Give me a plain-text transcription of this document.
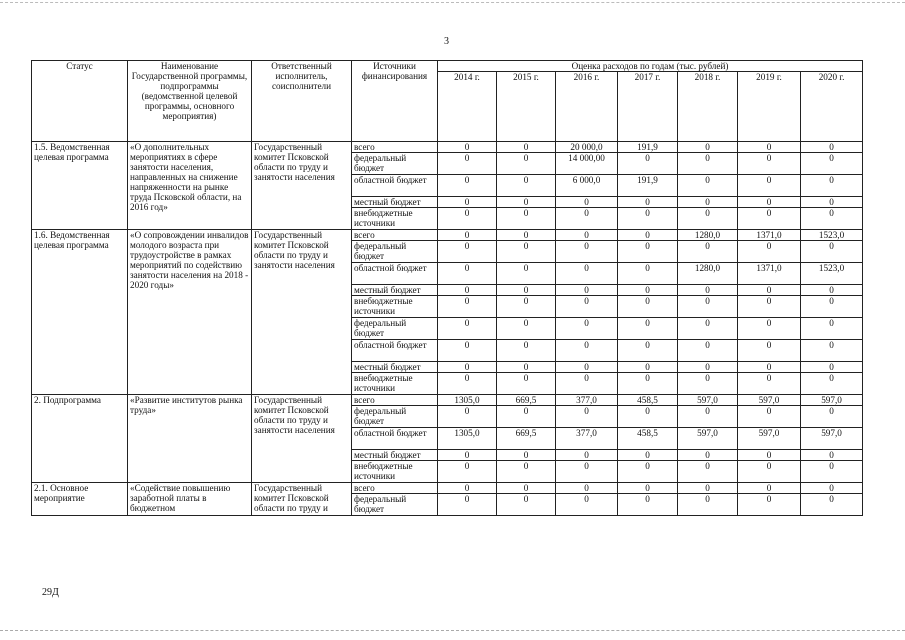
3
Статус	Наименование Государственной программы, подпрограммы (ведомственной целевой программы, основного мероприятия)	Ответственный исполнитель, соисполнители	Источники финансирования	Оценка расходов по годам (тыс. рублей)						
				2014 г.	2015 г.	2016 г.	2017 г.	2018 г.	2019 г.	2020 г.
1.5. Ведомственная целевая программа	«О дополнительных мероприятиях в сфере занятости населения, направленных на снижение напряженности на рынке труда Псковской области, на 2016 год»	Государственный комитет Псковской области по труду и занятости населения	всего	0	0	20 000,0	191,9	0	0	0
			федеральный бюджет	0	0	14 000,00	0	0	0	0
			областной бюджет	0	0	6 000,0	191,9	0	0	0
			местный бюджет	0	0	0	0	0	0	0
			внебюджетные источники	0	0	0	0	0	0	0
1.6. Ведомственная целевая программа	«О сопровождении инвалидов молодого возраста при трудоустройстве в рамках мероприятий по содействию занятости населения на 2018 - 2020 годы»	Государственный комитет Псковской области по труду и занятости населения	всего	0	0	0	0	1280,0	1371,0	1523,0
			федеральный бюджет	0	0	0	0	0	0	0
			областной бюджет	0	0	0	0	1280,0	1371,0	1523,0
			местный бюджет	0	0	0	0	0	0	0
			внебюджетные источники	0	0	0	0	0	0	0
			федеральный бюджет	0	0	0	0	0	0	0
			областной бюджет	0	0	0	0	0	0	0
			местный бюджет	0	0	0	0	0	0	0
			внебюджетные источники	0	0	0	0	0	0	0
2. Подпрограмма	«Развитие институтов рынка труда»	Государственный комитет Псковской области по труду и занятости населения	всего	1305,0	669,5	377,0	458,5	597,0	597,0	597,0
			федеральный бюджет	0	0	0	0	0	0	0
			областной бюджет	1305,0	669,5	377,0	458,5	597,0	597,0	597,0
			местный бюджет	0	0	0	0	0	0	0
			внебюджетные источники	0	0	0	0	0	0	0
2.1. Основное мероприятие	«Содействие повышению заработной платы в бюджетном	Государственный комитет Псковской области по труду и	всего	0	0	0	0	0	0	0
			федеральный бюджет	0	0	0	0	0	0	0
29Д
